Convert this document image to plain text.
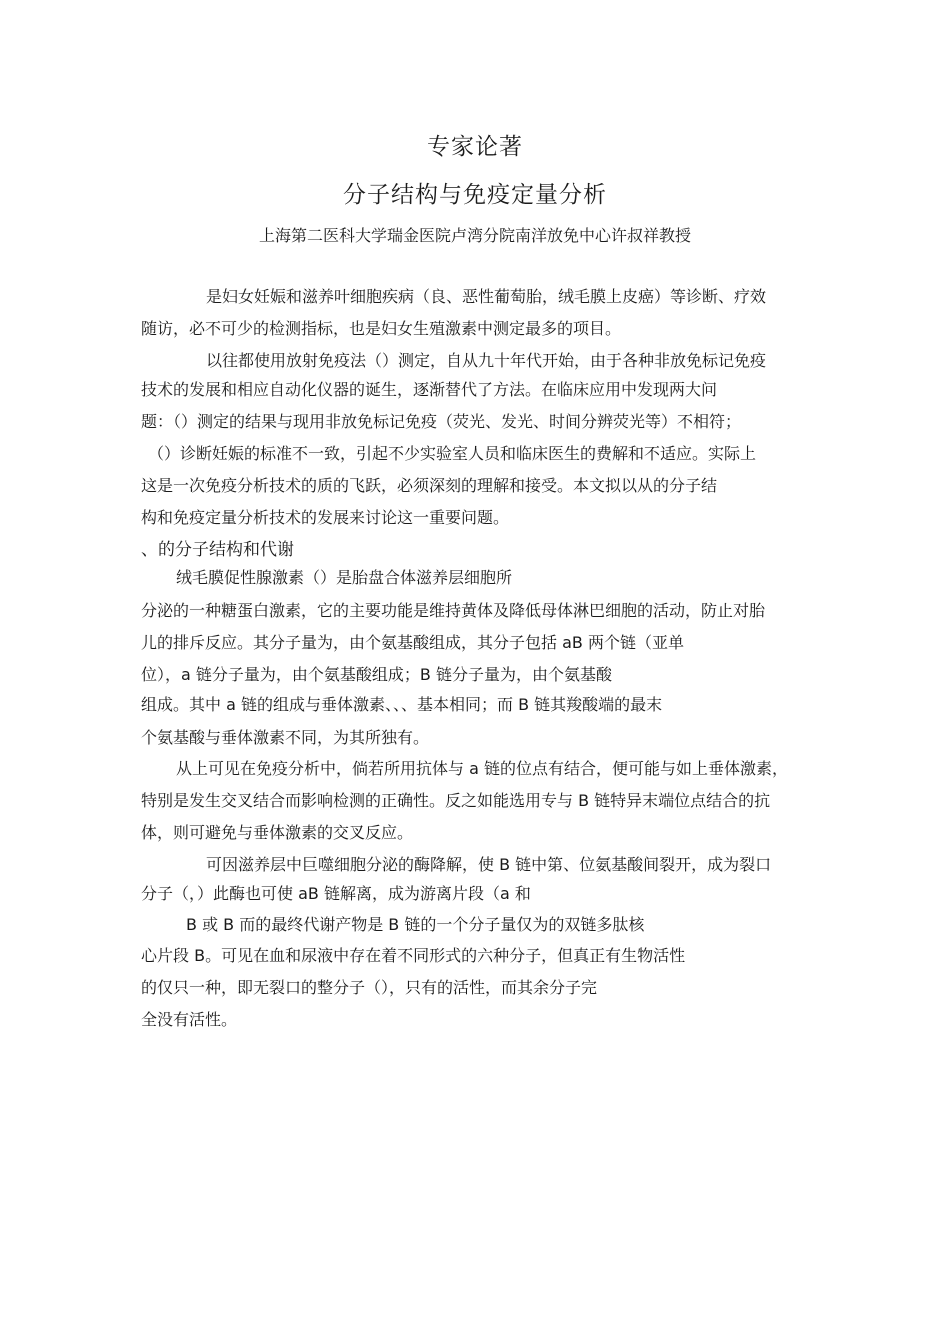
专家论著
分子结构与免疫定量分析
上海第二医科大学瑞金医院卢湾分院南洋放免中心许叔祥教授
是妇女妊娠和滋养叶细胞疾病（良、恶性葡萄胎，绒毛膜上皮癌）等诊断、疗效
随访，必不可少的检测指标，也是妇女生殖激素中测定最多的项目。
以往都使用放射免疫法（）测定，自从九十年代开始，由于各种非放免标记免疫
技术的发展和相应自动化仪器的诞生，逐渐替代了方法。在临床应用中发现两大问
题：（）测定的结果与现用非放免标记免疫（荧光、发光、时间分辨荧光等）不相符；
（）诊断妊娠的标准不一致，引起不少实验室人员和临床医生的费解和不适应。实际上
这是一次免疫分析技术的质的飞跃，必须深刻的理解和接受。本文拟以从的分子结
构和免疫定量分析技术的发展来讨论这一重要问题。
、的分子结构和代谢
绒毛膜促性腺激素（）是胎盘合体滋养层细胞所
分泌的一种糖蛋白激素，它的主要功能是维持黄体及降低母体淋巴细胞的活动，防止对胎
儿的排斥反应。其分子量为，由个氨基酸组成，其分子包括 aB 两个链（亚单
位），a 链分子量为，由个氨基酸组成；B 链分子量为，由个氨基酸
组成。其中 a 链的组成与垂体激素、、、基本相同；而 B 链其羧酸端的最末
个氨基酸与垂体激素不同，为其所独有。
从上可见在免疫分析中，倘若所用抗体与 a 链的位点有结合，便可能与如上垂体激素，
特别是发生交叉结合而影响检测的正确性。反之如能选用专与 B 链特异末端位点结合的抗
体，则可避免与垂体激素的交叉反应。
可因滋养层中巨噬细胞分泌的酶降解，使 B 链中第、位氨基酸间裂开，成为裂口
分子（，）此酶也可使 aB 链解离，成为游离片段（a 和
B 或 B 而的最终代谢产物是 B 链的一个分子量仅为的双链多肽核
心片段 B。可见在血和尿液中存在着不同形式的六种分子，但真正有生物活性
的仅只一种，即无裂口的整分子（），只有的活性，而其余分子完
全没有活性。
